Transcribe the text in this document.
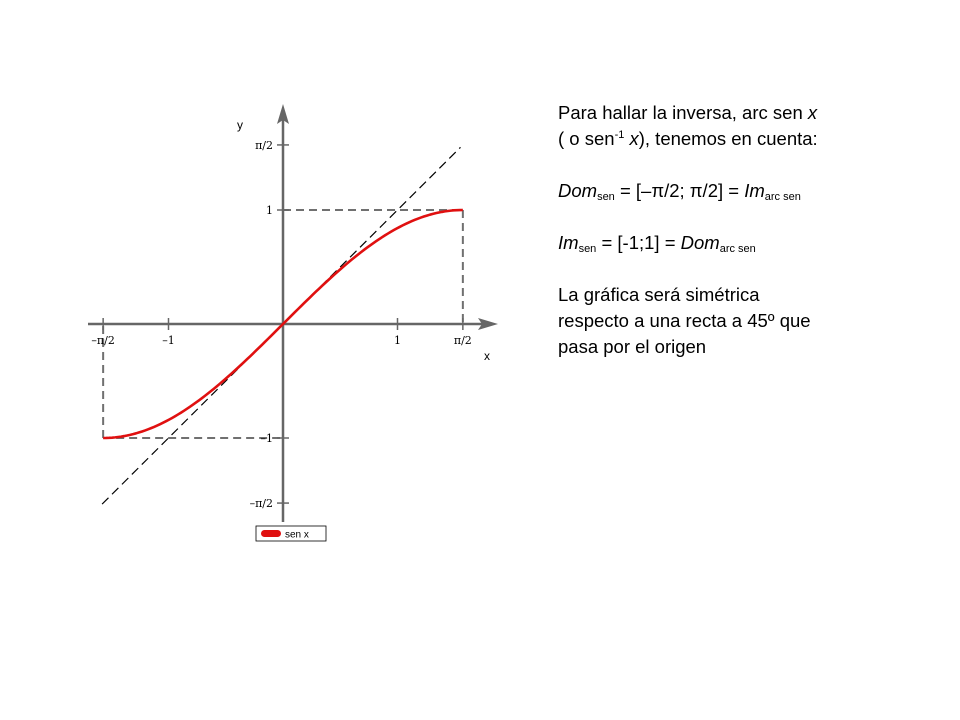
–π/2	–1	1	π/2
π/2
1
–1
–π/2
x
y
sen x

Para hallar la inversa, arc sen x

( o sen$^{-1}$ x), tenemos en cuenta:

Dom$_{sen}$ = [–π/2; $\pi/2] = Im_{arc sen}$

$Im_{sen}$ = [-1;1] = Dom$_{arc sen}$

La gráfica será simétrica

respecto a una recta a 45º que

pasa por el origen
